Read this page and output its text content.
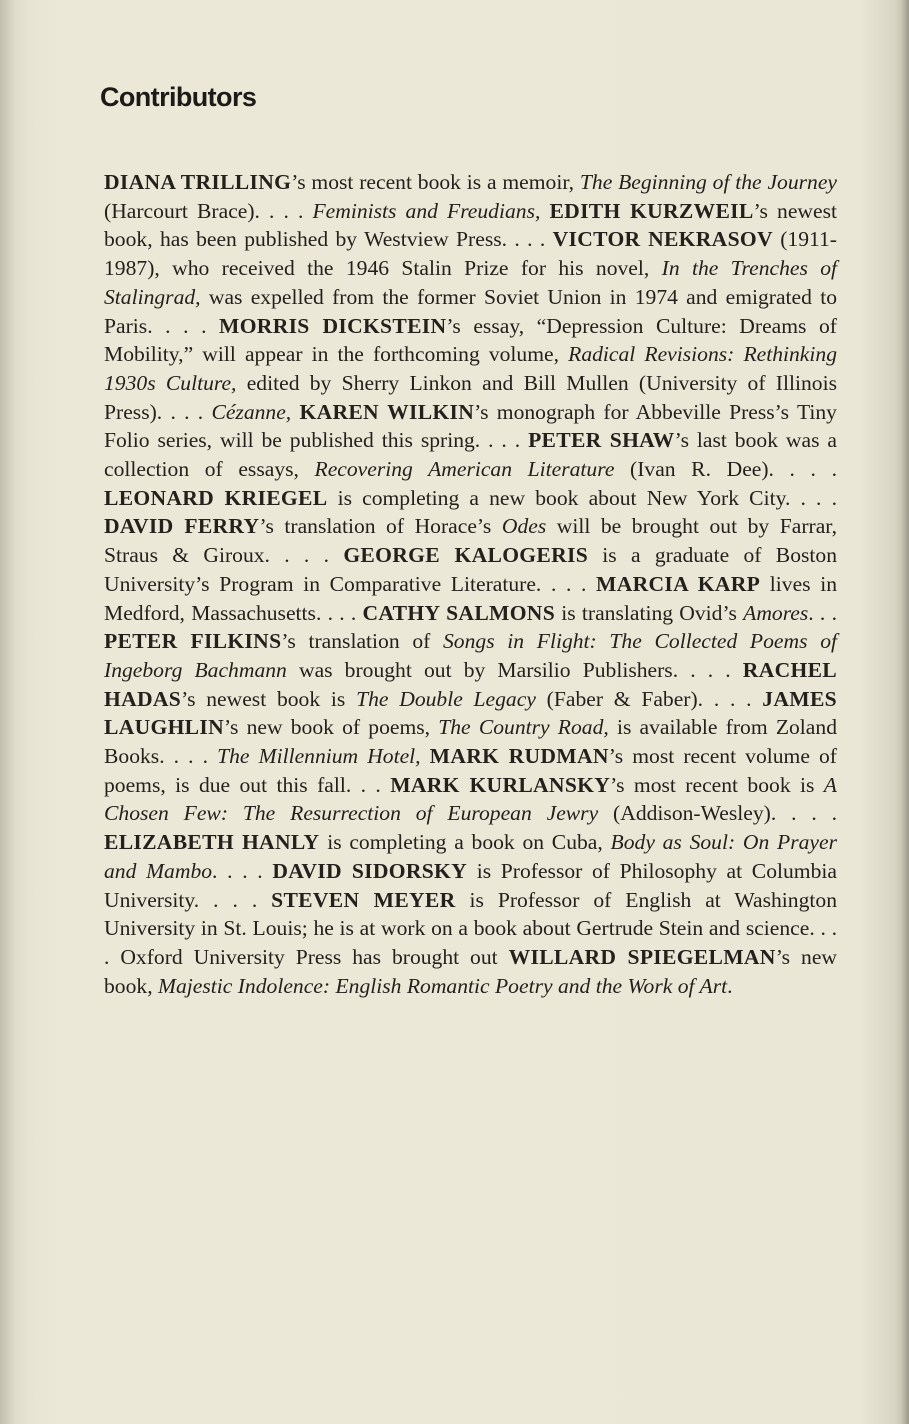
Contributors

DIANA TRILLING’s most recent book is a memoir, The Beginning of the Journey (Harcourt Brace). . . . Feminists and Freudians, EDITH KURZWEIL’s newest book, has been published by Westview Press. . . . VICTOR NEKRASOV (1911-1987), who received the 1946 Stalin Prize for his novel, In the Trenches of Stalingrad, was expelled from the former Soviet Union in 1974 and emigrated to Paris. . . . MORRIS DICKSTEIN’s essay, “Depression Culture: Dreams of Mobility,” will appear in the forthcoming volume, Radical Revisions: Rethinking 1930s Culture, edited by Sherry Linkon and Bill Mullen (University of Illinois Press). . . . Cézanne, KAREN WILKIN’s monograph for Abbeville Press’s Tiny Folio series, will be published this spring. . . . PETER SHAW’s last book was a collection of essays, Recovering American Literature (Ivan R. Dee). . . . LEONARD KRIEGEL is completing a new book about New York City. . . . DAVID FERRY’s translation of Horace’s Odes will be brought out by Farrar, Straus & Giroux. . . . GEORGE KALOGERIS is a graduate of Boston University’s Program in Comparative Literature. . . . MARCIA KARP lives in Medford, Massachusetts. . . . CATHY SALMONS is translating Ovid’s Amores. . . PETER FILKINS’s translation of Songs in Flight: The Collected Poems of Ingeborg Bachmann was brought out by Marsilio Publishers. . . . RACHEL HADAS’s newest book is The Double Legacy (Faber & Faber). . . . JAMES LAUGHLIN’s new book of poems, The Country Road, is available from Zoland Books. . . . The Millennium Hotel, MARK RUDMAN’s most recent volume of poems, is due out this fall. . . MARK KURLANSKY’s most recent book is A Chosen Few: The Resurrection of European Jewry (Addison-Wesley). . . . ELIZABETH HANLY is completing a book on Cuba, Body as Soul: On Prayer and Mambo. . . . DAVID SIDORSKY is Professor of Philosophy at Columbia University. . . . STEVEN MEYER is Professor of English at Washington University in St. Louis; he is at work on a book about Gertrude Stein and science. . . . Oxford University Press has brought out WILLARD SPIEGELMAN’s new book, Majestic Indolence: English Romantic Poetry and the Work of Art.
